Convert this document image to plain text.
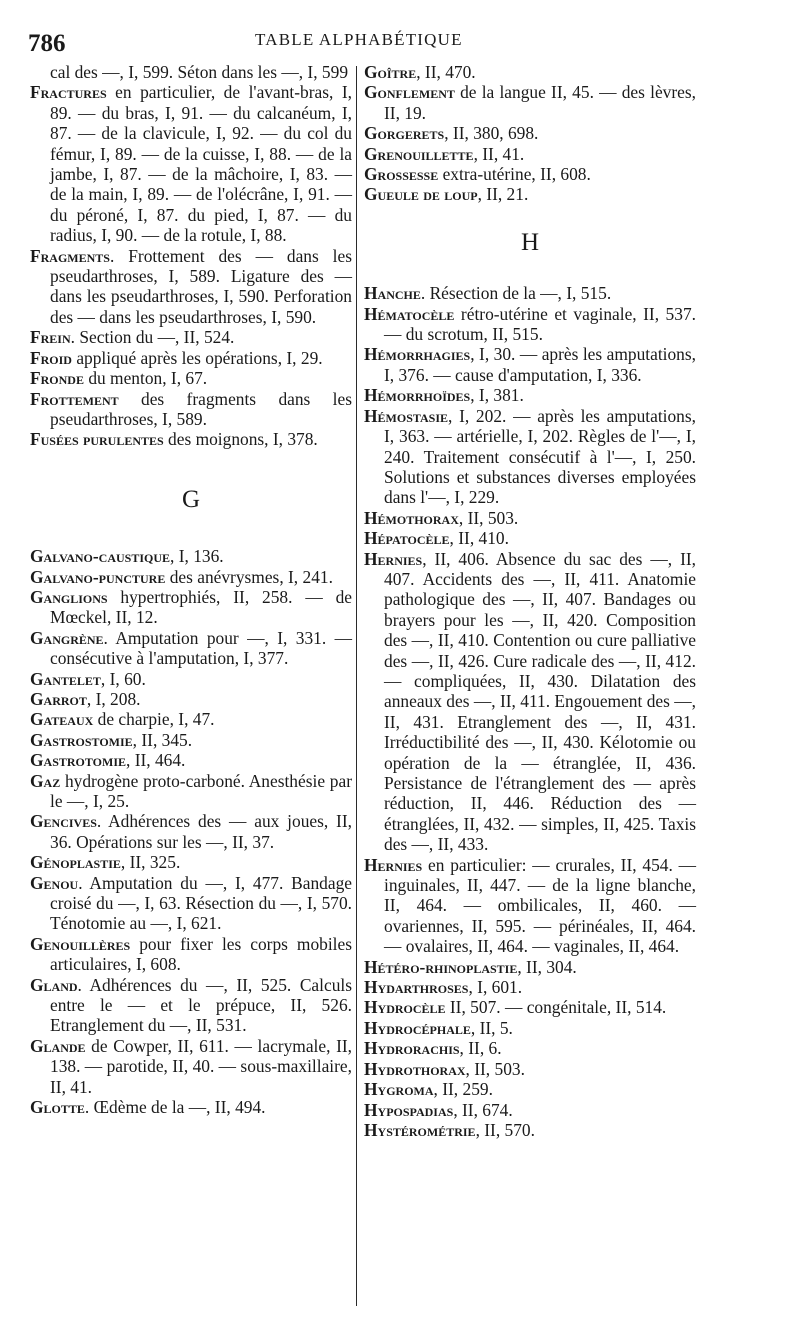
786	TABLE ALPHABÉTIQUE

cal des —, I, 599. Séton dans les —, I, 599

Fractures en particulier, de l'avant-bras, I, 89. — du bras, I, 91. — du calcanéum, I, 87. — de la clavicule, I, 92. — du col du fémur, I, 89. — de la cuisse, I, 88. — de la jambe, I, 87. — de la mâchoire, I, 83. — de la main, I, 89. — de l'olécrâne, I, 91. — du péroné, I, 87. du pied, I, 87. — du radius, I, 90. — de la rotule, I, 88.

Fragments. Frottement des — dans les pseudarthroses, I, 589. Ligature des — dans les pseudarthroses, I, 590. Perforation des — dans les pseudarthroses, I, 590.

Frein. Section du —, II, 524.

Froid appliqué après les opérations, I, 29.

Fronde du menton, I, 67.

Frottement des fragments dans les pseudarthroses, I, 589.

Fusées purulentes des moignons, I, 378.

G

Galvano-caustique, I, 136.

Galvano-puncture des anévrysmes, I, 241.

Ganglions hypertrophiés, II, 258. — de Mœckel, II, 12.

Gangrène. Amputation pour —, I, 331. — consécutive à l'amputation, I, 377.

Gantelet, I, 60.

Garrot, I, 208.

Gateaux de charpie, I, 47.

Gastrostomie, II, 345.

Gastrotomie, II, 464.

Gaz hydrogène proto-carboné. Anesthésie par le —, I, 25.

Gencives. Adhérences des — aux joues, II, 36. Opérations sur les —, II, 37.

Génoplastie, II, 325.

Genou. Amputation du —, I, 477. Bandage croisé du —, I, 63. Résection du —, I, 570. Ténotomie au —, I, 621.

Genouillères pour fixer les corps mobiles articulaires, I, 608.

Gland. Adhérences du —, II, 525. Calculs entre le — et le prépuce, II, 526. Etranglement du —, II, 531.

Glande de Cowper, II, 611. — lacrymale, II, 138. — parotide, II, 40. — sous-maxillaire, II, 41.

Glotte. Œdème de la —, II, 494.

Goître, II, 470.

Gonflement de la langue II, 45. — des lèvres, II, 19.

Gorgerets, II, 380, 698.

Grenouillette, II, 41.

Grossesse extra-utérine, II, 608.

Gueule de loup, II, 21.

H

Hanche. Résection de la —, I, 515.

Hématocèle rétro-utérine et vaginale, II, 537. — du scrotum, II, 515.

Hémorrhagies, I, 30. — après les amputations, I, 376. — cause d'amputation, I, 336.

Hémorrhoïdes, I, 381.

Hémostasie, I, 202. — après les amputations, I, 363. — artérielle, I, 202. Règles de l'—, I, 240. Traitement consécutif à l'—, I, 250. Solutions et substances diverses employées dans l'—, I, 229.

Hémothorax, II, 503.

Hépatocèle, II, 410.

Hernies, II, 406. Absence du sac des —, II, 407. Accidents des —, II, 411. Anatomie pathologique des —, II, 407. Bandages ou brayers pour les —, II, 420. Composition des —, II, 410. Contention ou cure palliative des —, II, 426. Cure radicale des —, II, 412. — compliquées, II, 430. Dilatation des anneaux des —, II, 411. Engouement des —, II, 431. Etranglement des —, II, 431. Irréductibilité des —, II, 430. Kélotomie ou opération de la — étranglée, II, 436. Persistance de l'étranglement des — après réduction, II, 446. Réduction des — étranglées, II, 432. — simples, II, 425. Taxis des —, II, 433.

Hernies en particulier: — crurales, II, 454. — inguinales, II, 447. — de la ligne blanche, II, 464. — ombilicales, II, 460. — ovariennes, II, 595. — périnéales, II, 464. — ovalaires, II, 464. — vaginales, II, 464.

Hétéro-rhinoplastie, II, 304.

Hydarthroses, I, 601.

Hydrocèle II, 507. — congénitale, II, 514.

Hydrocéphale, II, 5.

Hydrorachis, II, 6.

Hydrothorax, II, 503.

Hygroma, II, 259.

Hypospadias, II, 674.

Hystérométrie, II, 570.
